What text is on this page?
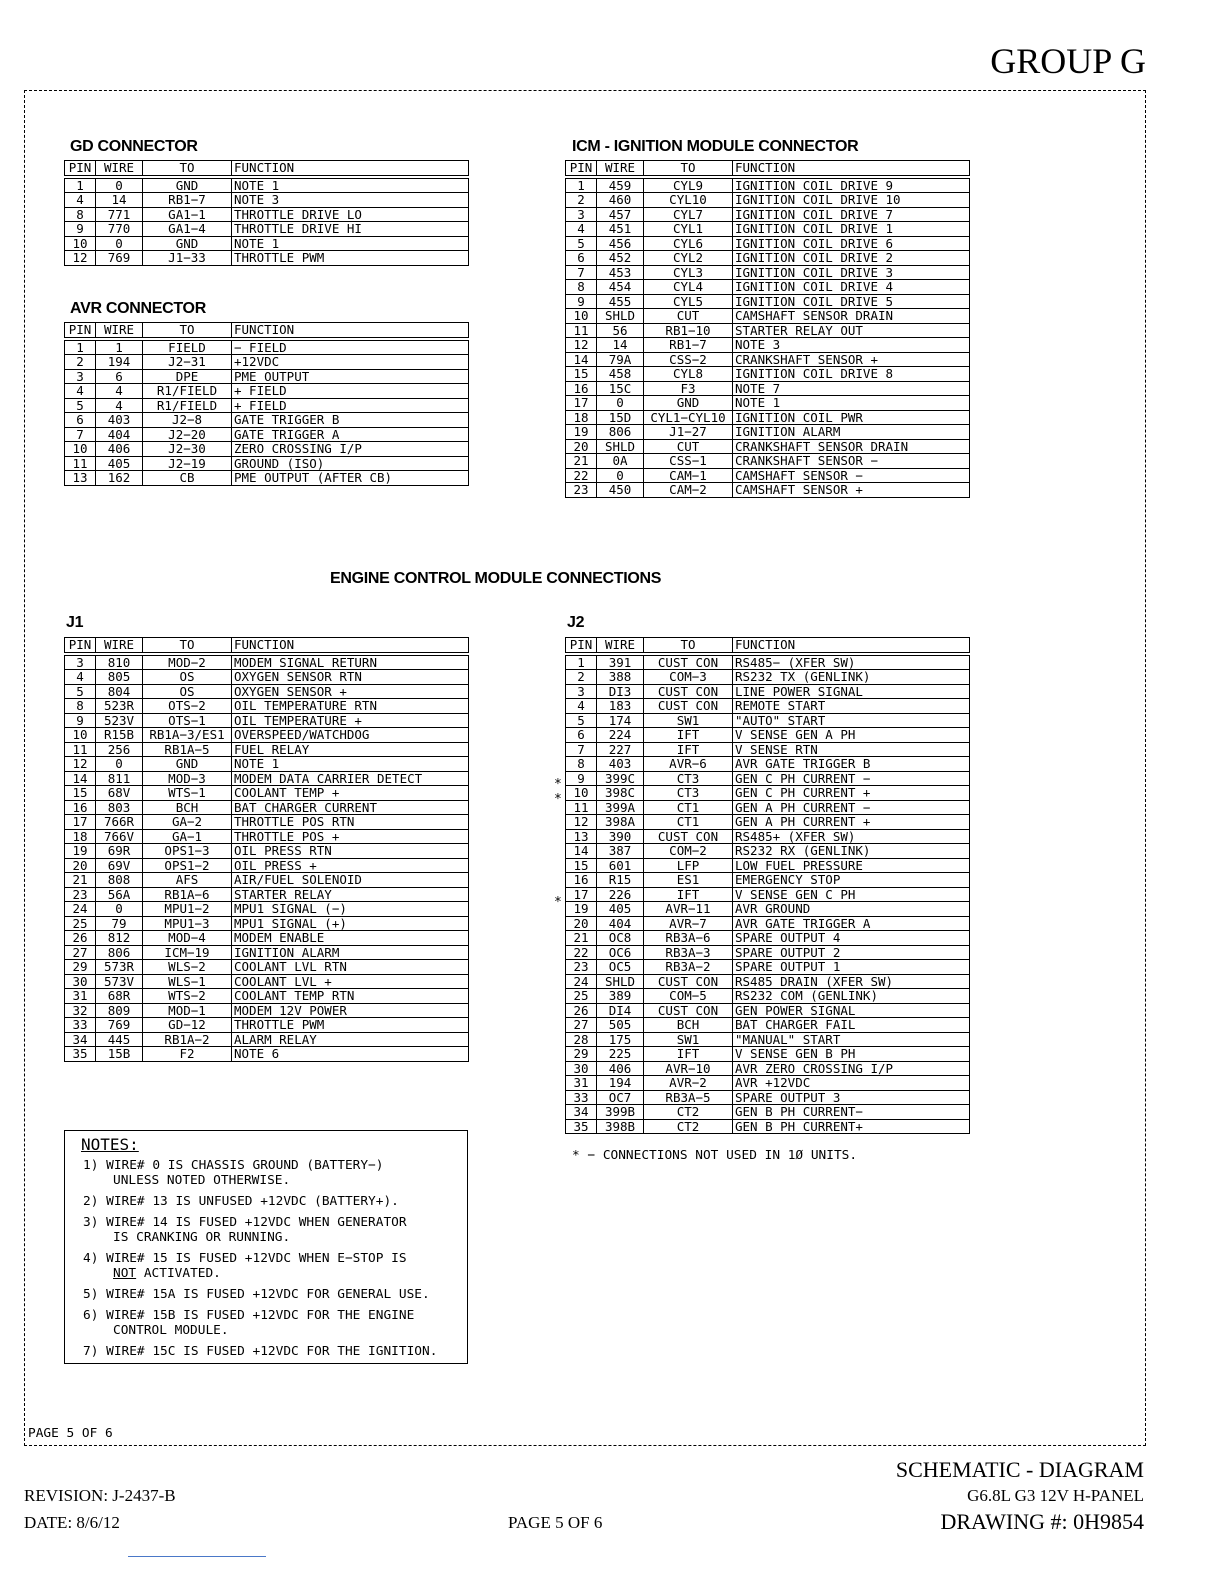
GROUP G
GD CONNECTOR
AVR CONNECTOR
ICM - IGNITION MODULE CONNECTOR
ENGINE CONTROL MODULE CONNECTIONS
J1	J2
PIN	WIRE	TO	FUNCTION
1	0	GND	NOTE 1
4	14	RB1−7	NOTE 3
8	771	GA1−1	THROTTLE DRIVE LO
9	770	GA1−4	THROTTLE DRIVE HI
10	0	GND	NOTE 1
12	769	J1−33	THROTTLE PWM
PIN	WIRE	TO	FUNCTION
1	1	FIELD	− FIELD
2	194	J2−31	+12VDC
3	6	DPE	PME OUTPUT
4	4	R1/FIELD	+ FIELD
5	4	R1/FIELD	+ FIELD
6	403	J2−8	GATE TRIGGER B
7	404	J2−20	GATE TRIGGER A
10	406	J2−30	ZERO CROSSING I/P
11	405	J2−19	GROUND (ISO)
13	162	CB	PME OUTPUT (AFTER CB)
PIN	WIRE	TO	FUNCTION
1	459	CYL9	IGNITION COIL DRIVE 9
2	460	CYL10	IGNITION COIL DRIVE 10
3	457	CYL7	IGNITION COIL DRIVE 7
4	451	CYL1	IGNITION COIL DRIVE 1
5	456	CYL6	IGNITION COIL DRIVE 6
6	452	CYL2	IGNITION COIL DRIVE 2
7	453	CYL3	IGNITION COIL DRIVE 3
8	454	CYL4	IGNITION COIL DRIVE 4
9	455	CYL5	IGNITION COIL DRIVE 5
10	SHLD	CUT	CAMSHAFT SENSOR DRAIN
11	56	RB1−10	STARTER RELAY OUT
12	14	RB1−7	NOTE 3
14	79A	CSS−2	CRANKSHAFT SENSOR +
15	458	CYL8	IGNITION COIL DRIVE 8
16	15C	F3	NOTE 7
17	0	GND	NOTE 1
18	15D	CYL1−CYL10	IGNITION COIL PWR
19	806	J1−27	IGNITION ALARM
20	SHLD	CUT	CRANKSHAFT SENSOR DRAIN
21	0A	CSS−1	CRANKSHAFT SENSOR −
22	0	CAM−1	CAMSHAFT SENSOR −
23	450	CAM−2	CAMSHAFT SENSOR +
PIN	WIRE	TO	FUNCTION
3	810	MOD−2	MODEM SIGNAL RETURN
4	805	OS	OXYGEN SENSOR RTN
5	804	OS	OXYGEN SENSOR +
8	523R	OTS−2	OIL TEMPERATURE RTN
9	523V	OTS−1	OIL TEMPERATURE +
10	R15B	RB1A−3/ES1	OVERSPEED/WATCHDOG
11	256	RB1A−5	FUEL RELAY
12	0	GND	NOTE 1
14	811	MOD−3	MODEM DATA CARRIER DETECT
15	68V	WTS−1	COOLANT TEMP +
16	803	BCH	BAT CHARGER CURRENT
17	766R	GA−2	THROTTLE POS RTN
18	766V	GA−1	THROTTLE POS +
19	69R	OPS1−3	OIL PRESS RTN
20	69V	OPS1−2	OIL PRESS +
21	808	AFS	AIR/FUEL SOLENOID
23	56A	RB1A−6	STARTER RELAY
24	0	MPU1−2	MPU1 SIGNAL (−)
25	79	MPU1−3	MPU1 SIGNAL (+)
26	812	MOD−4	MODEM ENABLE
27	806	ICM−19	IGNITION ALARM
29	573R	WLS−2	COOLANT LVL RTN
30	573V	WLS−1	COOLANT LVL +
31	68R	WTS−2	COOLANT TEMP RTN
32	809	MOD−1	MODEM 12V POWER
33	769	GD−12	THROTTLE PWM
34	445	RB1A−2	ALARM RELAY
35	15B	F2	NOTE 6
PIN	WIRE	TO	FUNCTION
1	391	CUST CON	RS485− (XFER SW)
2	388	COM−3	RS232 TX (GENLINK)
3	DI3	CUST CON	LINE POWER SIGNAL
4	183	CUST CON	REMOTE START
5	174	SW1	"AUTO" START
6	224	IFT	V SENSE GEN A PH
7	227	IFT	V SENSE RTN
8	403	AVR−6	AVR GATE TRIGGER B
9	399C	CT3	GEN C PH CURRENT −
10	398C	CT3	GEN C PH CURRENT +
11	399A	CT1	GEN A PH CURRENT −
12	398A	CT1	GEN A PH CURRENT +
13	390	CUST CON	RS485+ (XFER SW)
14	387	COM−2	RS232 RX (GENLINK)
15	601	LFP	LOW FUEL PRESSURE
16	R15	ES1	EMERGENCY STOP
17	226	IFT	V SENSE GEN C PH
19	405	AVR−11	AVR GROUND
20	404	AVR−7	AVR GATE TRIGGER A
21	OC8	RB3A−6	SPARE OUTPUT 4
22	OC6	RB3A−3	SPARE OUTPUT 2
23	OC5	RB3A−2	SPARE OUTPUT 1
24	SHLD	CUST CON	RS485 DRAIN (XFER SW)
25	389	COM−5	RS232 COM (GENLINK)
26	DI4	CUST CON	GEN POWER SIGNAL
27	505	BCH	BAT CHARGER FAIL
28	175	SW1	"MANUAL" START
29	225	IFT	V SENSE GEN B PH
30	406	AVR−10	AVR ZERO CROSSING I/P
31	194	AVR−2	AVR +12VDC
33	OC7	RB3A−5	SPARE OUTPUT 3
34	399B	CT2	GEN B PH CURRENT−
35	398B	CT2	GEN B PH CURRENT+
*
*
*
* − CONNECTIONS NOT USED IN 1Ø UNITS.
NOTES:
1) WIRE# 0 IS CHASSIS GROUND (BATTERY−)
UNLESS NOTED OTHERWISE.
2) WIRE# 13 IS UNFUSED +12VDC (BATTERY+).
3) WIRE# 14 IS FUSED +12VDC WHEN GENERATOR
IS CRANKING OR RUNNING.
4) WIRE# 15 IS FUSED +12VDC WHEN E−STOP IS
NOT ACTIVATED.
5) WIRE# 15A IS FUSED +12VDC FOR GENERAL USE.
6) WIRE# 15B IS FUSED +12VDC FOR THE ENGINE
CONTROL MODULE.
7) WIRE# 15C IS FUSED +12VDC FOR THE IGNITION.
PAGE 5 OF 6
SCHEMATIC - DIAGRAM
REVISION: J-2437-B	G6.8L G3 12V H-PANEL
DATE: 8/6/12	PAGE 5 OF 6	DRAWING #: 0H9854
